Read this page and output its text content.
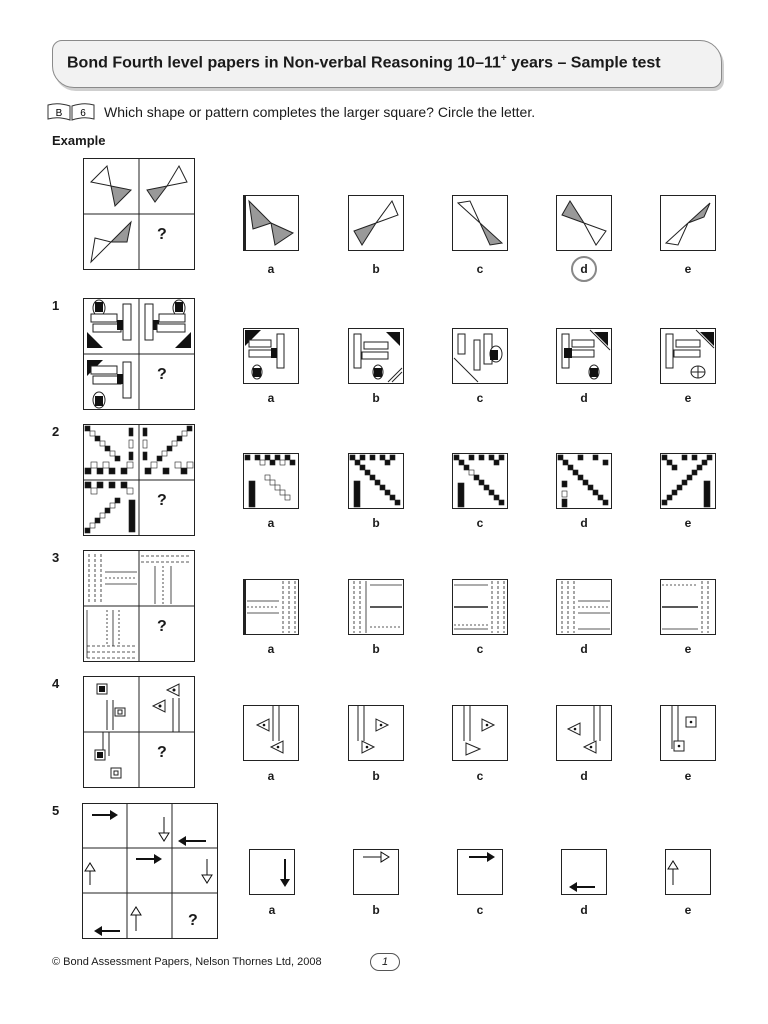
Bond Fourth level papers in Non-verbal Reasoning 10–11+ years – Sample test
B 6 Which shape or pattern completes the larger square? Circle the letter.
Example
1
2
3
4
5
?
?
?
?
?
?
a	b	c	d	e
a	b	c	d	e
a	b	c	d	e
a	b	c	d	e
a	b	c	d	e
a	b	c	d	e
© Bond Assessment Papers, Nelson Thornes Ltd, 2008	1
